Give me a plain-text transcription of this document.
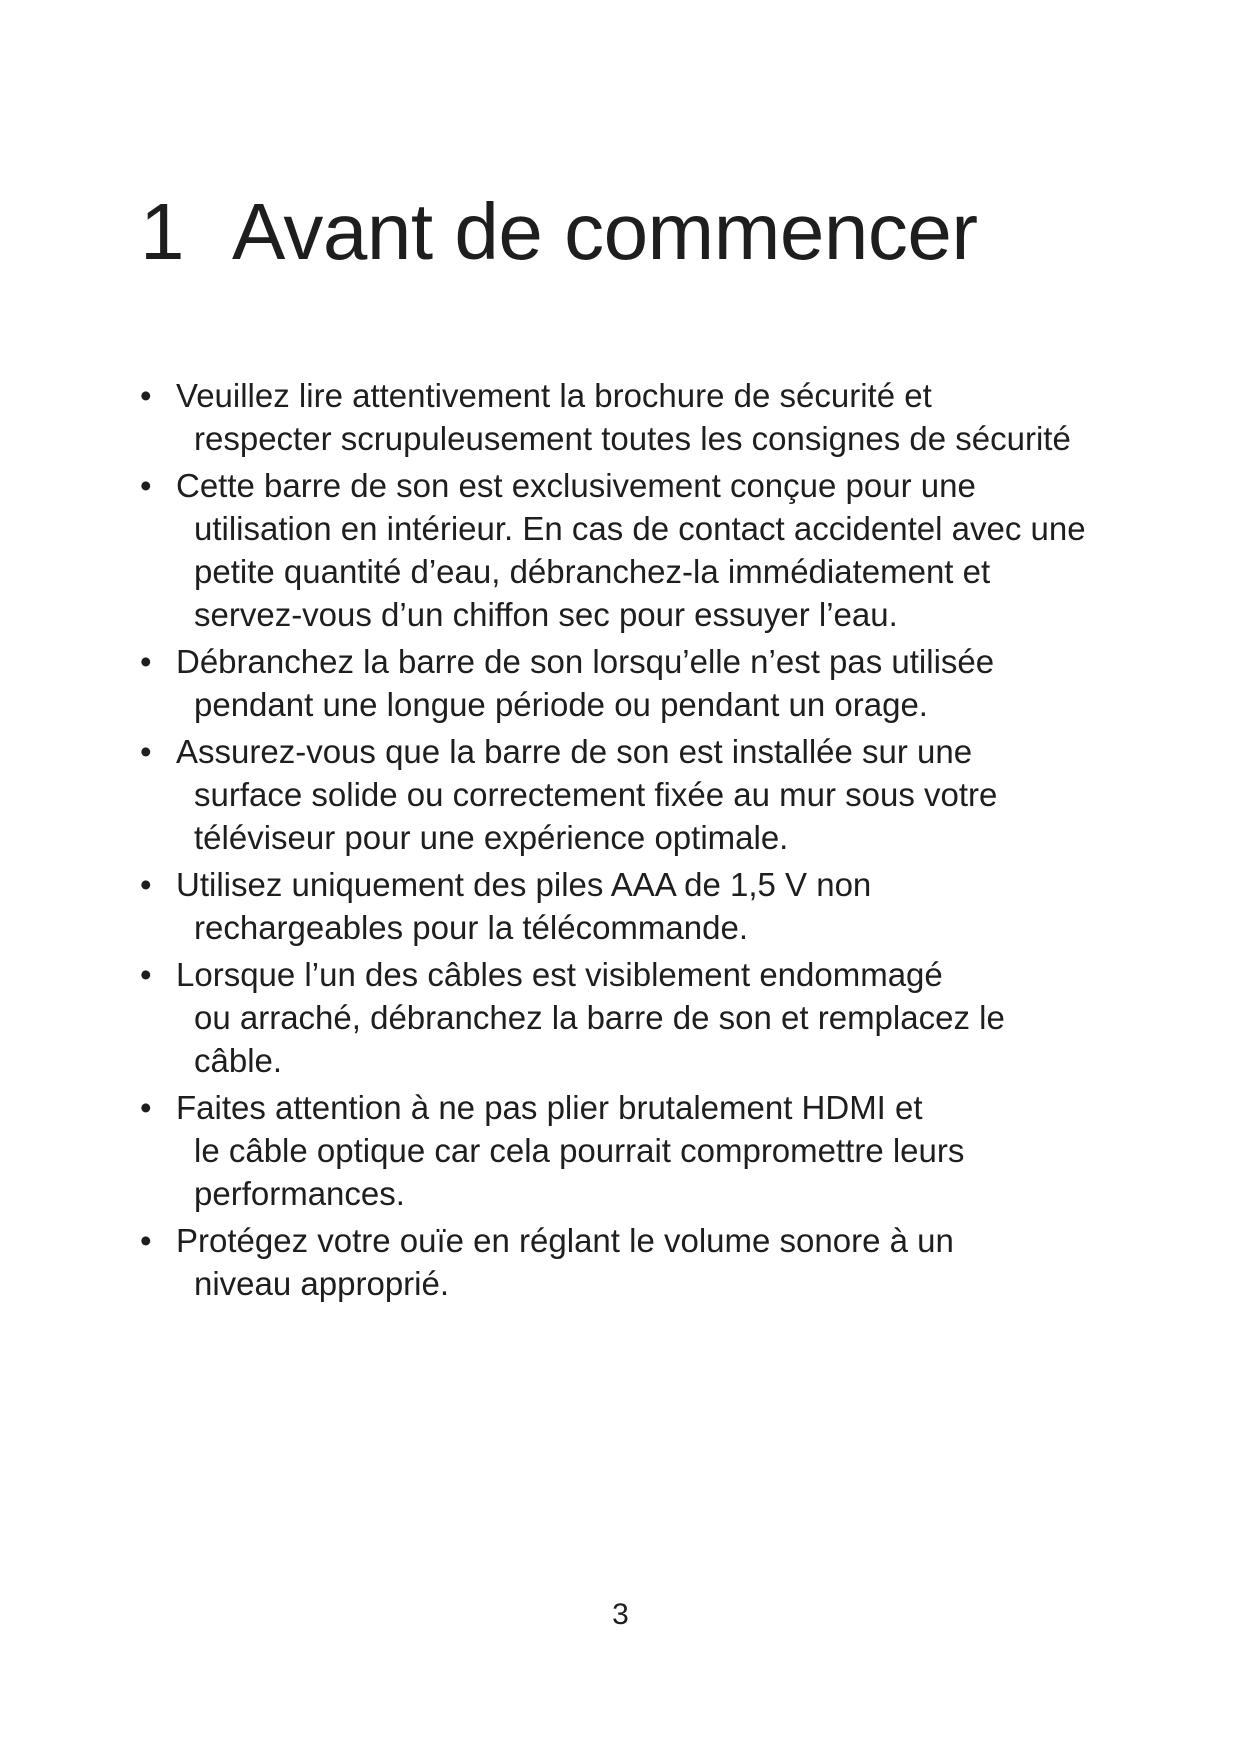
1 Avant de commencer
• Veuillez lire attentivement la brochure de sécurité et
respecter scrupuleusement toutes les consignes de sécurité
• Cette barre de son est exclusivement conçue pour une
utilisation en intérieur. En cas de contact accidentel avec une petite quantité d’eau, débranchez-la immédiatement et servez-vous d’un chiffon sec pour essuyer l’eau.
• Débranchez la barre de son lorsqu’elle n’est pas utilisée
pendant une longue période ou pendant un orage.
• Assurez-vous que la barre de son est installée sur une
surface solide ou correctement fixée au mur sous votre téléviseur pour une expérience optimale.
• Utilisez uniquement des piles AAA de 1,5 V non
rechargeables pour la télécommande.
• Lorsque l’un des câbles est visiblement endommagé
ou arraché, débranchez la barre de son et remplacez le câble.
• Faites attention à ne pas plier brutalement HDMI et
le câble optique car cela pourrait compromettre leurs performances.
• Protégez votre ouïe en réglant le volume sonore à un
niveau approprié.
3
